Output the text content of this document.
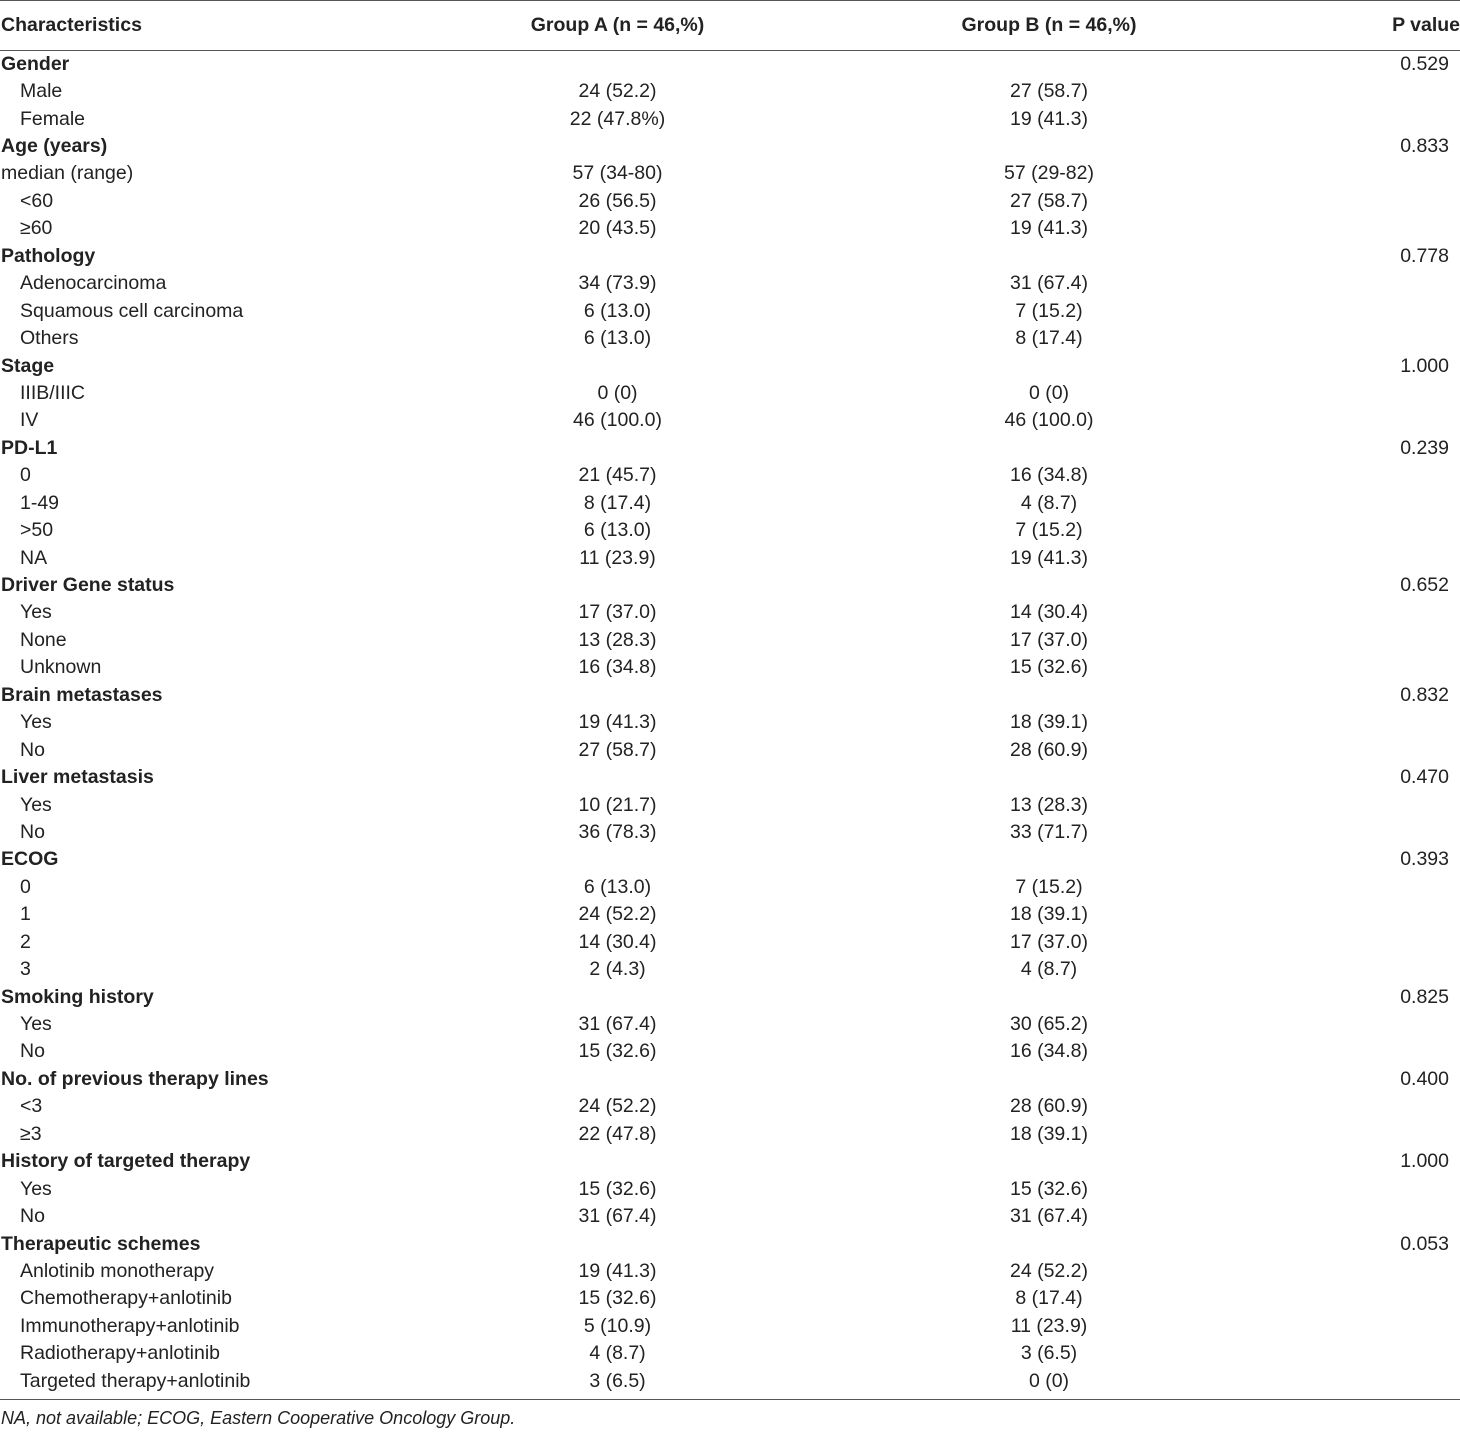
Characteristics	Group A (n = 46,%)	Group B (n = 46,%)	P value
Gender			0.529
Male	24 (52.2)	27 (58.7)	
Female	22 (47.8%)	19 (41.3)	
Age (years)			0.833
median (range)	57 (34-80)	57 (29-82)	
<60	26 (56.5)	27 (58.7)	
≥60	20 (43.5)	19 (41.3)	
Pathology			0.778
Adenocarcinoma	34 (73.9)	31 (67.4)	
Squamous cell carcinoma	6 (13.0)	7 (15.2)	
Others	6 (13.0)	8 (17.4)	
Stage			1.000
IIIB/IIIC	0 (0)	0 (0)	
IV	46 (100.0)	46 (100.0)	
PD-L1			0.239
0	21 (45.7)	16 (34.8)	
1-49	8 (17.4)	4 (8.7)	
>50	6 (13.0)	7 (15.2)	
NA	11 (23.9)	19 (41.3)	
Driver Gene status			0.652
Yes	17 (37.0)	14 (30.4)	
None	13 (28.3)	17 (37.0)	
Unknown	16 (34.8)	15 (32.6)	
Brain metastases			0.832
Yes	19 (41.3)	18 (39.1)	
No	27 (58.7)	28 (60.9)	
Liver metastasis			0.470
Yes	10 (21.7)	13 (28.3)	
No	36 (78.3)	33 (71.7)	
ECOG			0.393
0	6 (13.0)	7 (15.2)	
1	24 (52.2)	18 (39.1)	
2	14 (30.4)	17 (37.0)	
3	2 (4.3)	4 (8.7)	
Smoking history			0.825
Yes	31 (67.4)	30 (65.2)	
No	15 (32.6)	16 (34.8)	
No. of previous therapy lines			0.400
<3	24 (52.2)	28 (60.9)	
≥3	22 (47.8)	18 (39.1)	
History of targeted therapy			1.000
Yes	15 (32.6)	15 (32.6)	
No	31 (67.4)	31 (67.4)	
Therapeutic schemes			0.053
Anlotinib monotherapy	19 (41.3)	24 (52.2)	
Chemotherapy+anlotinib	15 (32.6)	8 (17.4)	
Immunotherapy+anlotinib	5 (10.9)	11 (23.9)	
Radiotherapy+anlotinib	4 (8.7)	3 (6.5)	
Targeted therapy+anlotinib	3 (6.5)	0 (0)	
NA, not available; ECOG, Eastern Cooperative Oncology Group.
